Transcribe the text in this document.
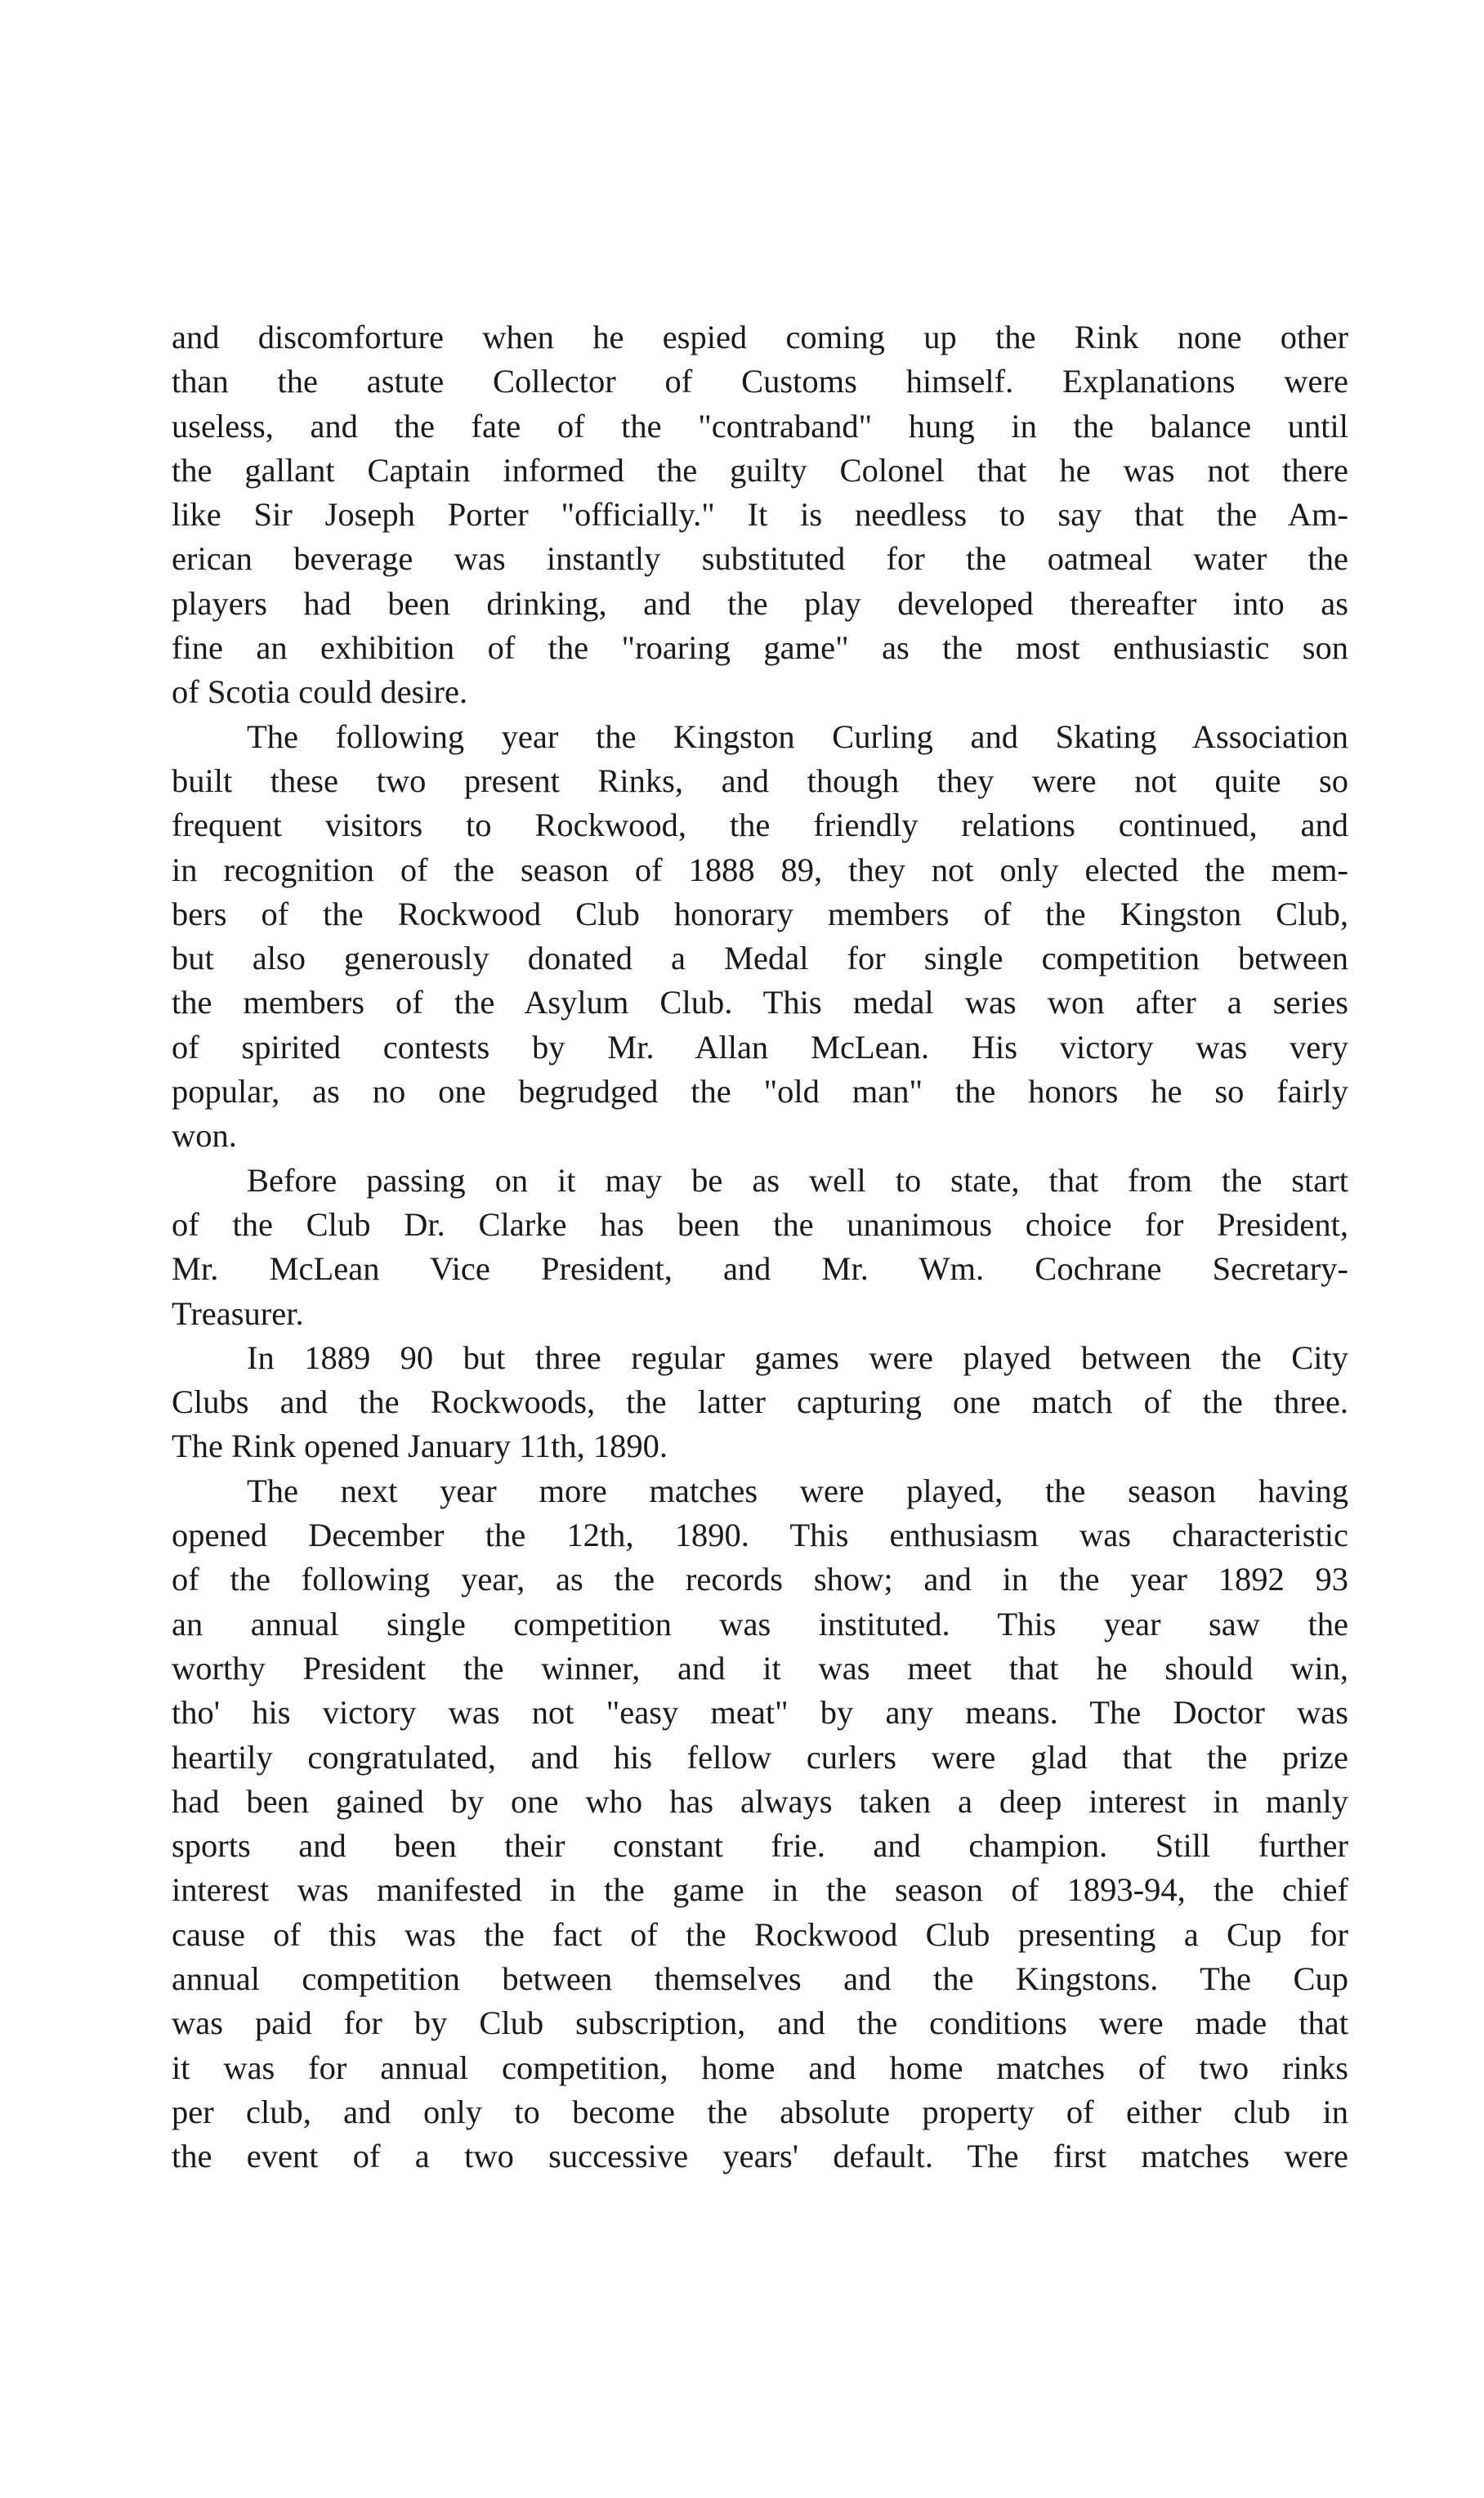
and discomforture when he espied coming up the Rink none other
than the astute Collector of Customs himself. Explanations were
useless, and the fate of the "contraband" hung in the balance until
the gallant Captain informed the guilty Colonel that he was not there
like Sir Joseph Porter "officially." It is needless to say that the Am-
erican beverage was instantly substituted for the oatmeal water the
players had been drinking, and the play developed thereafter into as
fine an exhibition of the "roaring game" as the most enthusiastic son
of Scotia could desire.
The following year the Kingston Curling and Skating Association
built these two present Rinks, and though they were not quite so
frequent visitors to Rockwood, the friendly relations continued, and
in recognition of the season of 1888 89, they not only elected the mem-
bers of the Rockwood Club honorary members of the Kingston Club,
but also generously donated a Medal for single competition between
the members of the Asylum Club. This medal was won after a series
of spirited contests by Mr. Allan McLean. His victory was very
popular, as no one begrudged the "old man" the honors he so fairly
won.
Before passing on it may be as well to state, that from the start
of the Club Dr. Clarke has been the unanimous choice for President,
Mr. McLean Vice President, and Mr. Wm. Cochrane Secretary-
Treasurer.
In 1889 90 but three regular games were played between the City
Clubs and the Rockwoods, the latter capturing one match of the three.
The Rink opened January 11th, 1890.
The next year more matches were played, the season having
opened December the 12th, 1890. This enthusiasm was characteristic
of the following year, as the records show; and in the year 1892 93
an annual single competition was instituted. This year saw the
worthy President the winner, and it was meet that he should win,
tho' his victory was not "easy meat" by any means. The Doctor was
heartily congratulated, and his fellow curlers were glad that the prize
had been gained by one who has always taken a deep interest in manly
sports and been their constant frie. and champion. Still further
interest was manifested in the game in the season of 1893-94, the chief
cause of this was the fact of the Rockwood Club presenting a Cup for
annual competition between themselves and the Kingstons. The Cup
was paid for by Club subscription, and the conditions were made that
it was for annual competition, home and home matches of two rinks
per club, and only to become the absolute property of either club in
the event of a two successive years' default. The first matches were
